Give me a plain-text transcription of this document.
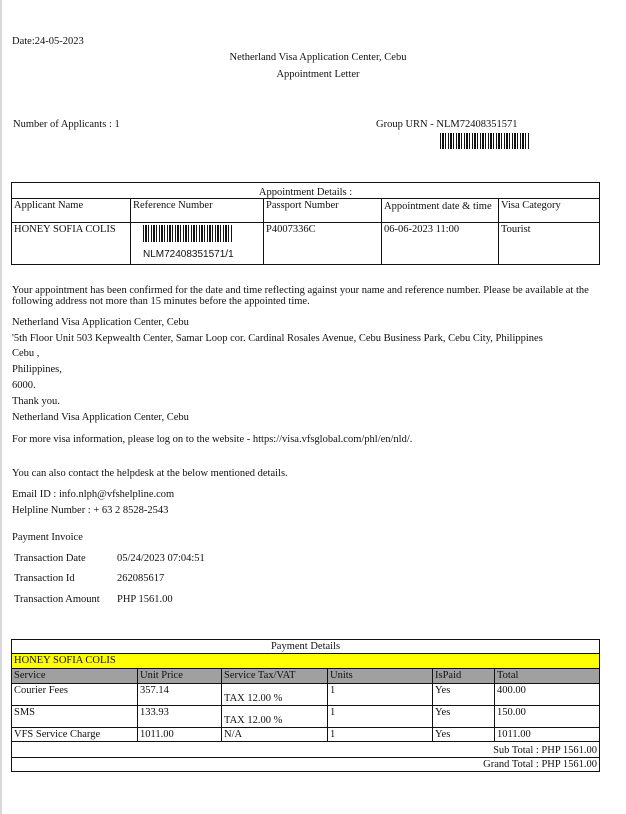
Date:24-05-2023
Netherland Visa Application Center, Cebu
Appointment Letter
Number of Applicants : 1	Group URN - NLM72408351571
Appointment Details :				
Applicant Name	Reference Number	Passport Number	Appointment date & time	Visa Category
HONEY SOFIA COLIS	NLM72408351571/1	P4007336C	06-06-2023 11:00	Tourist
Your appointment has been confirmed for the date and time reflecting against your name and reference number. Please be available at the following address not more than 15 minutes before the appointed time.
Netherland Visa Application Center, Cebu
'5th Floor Unit 503 Kepwealth Center, Samar Loop cor. Cardinal Rosales Avenue, Cebu Business Park, Cebu City, Philippines
Cebu ,
Philippines,
6000.
Thank you.
Netherland Visa Application Center, Cebu
For more visa information, please log on to the website - https://visa.vfsglobal.com/phl/en/nld/.
You can also contact the helpdesk at the below mentioned details.
Email ID : info.nlph@vfshelpline.com
Helpline Number : + 63 2 8528-2543
Payment Invoice
Transaction Date	05/24/2023 07:04:51
Transaction Id	262085617
Transaction Amount PHP 1561.00
Payment Details					
HONEY SOFIA COLIS					
Service	Unit Price	Service Tax/VAT	Units	IsPaid	Total
Courier Fees	357.14	TAX 12.00 %	1	Yes	400.00
SMS	133.93	TAX 12.00 %	1	Yes	150.00
VFS Service Charge	1011.00	N/A	1	Yes	1011.00
Sub Total : PHP 1561.00					
Grand Total : PHP 1561.00					
